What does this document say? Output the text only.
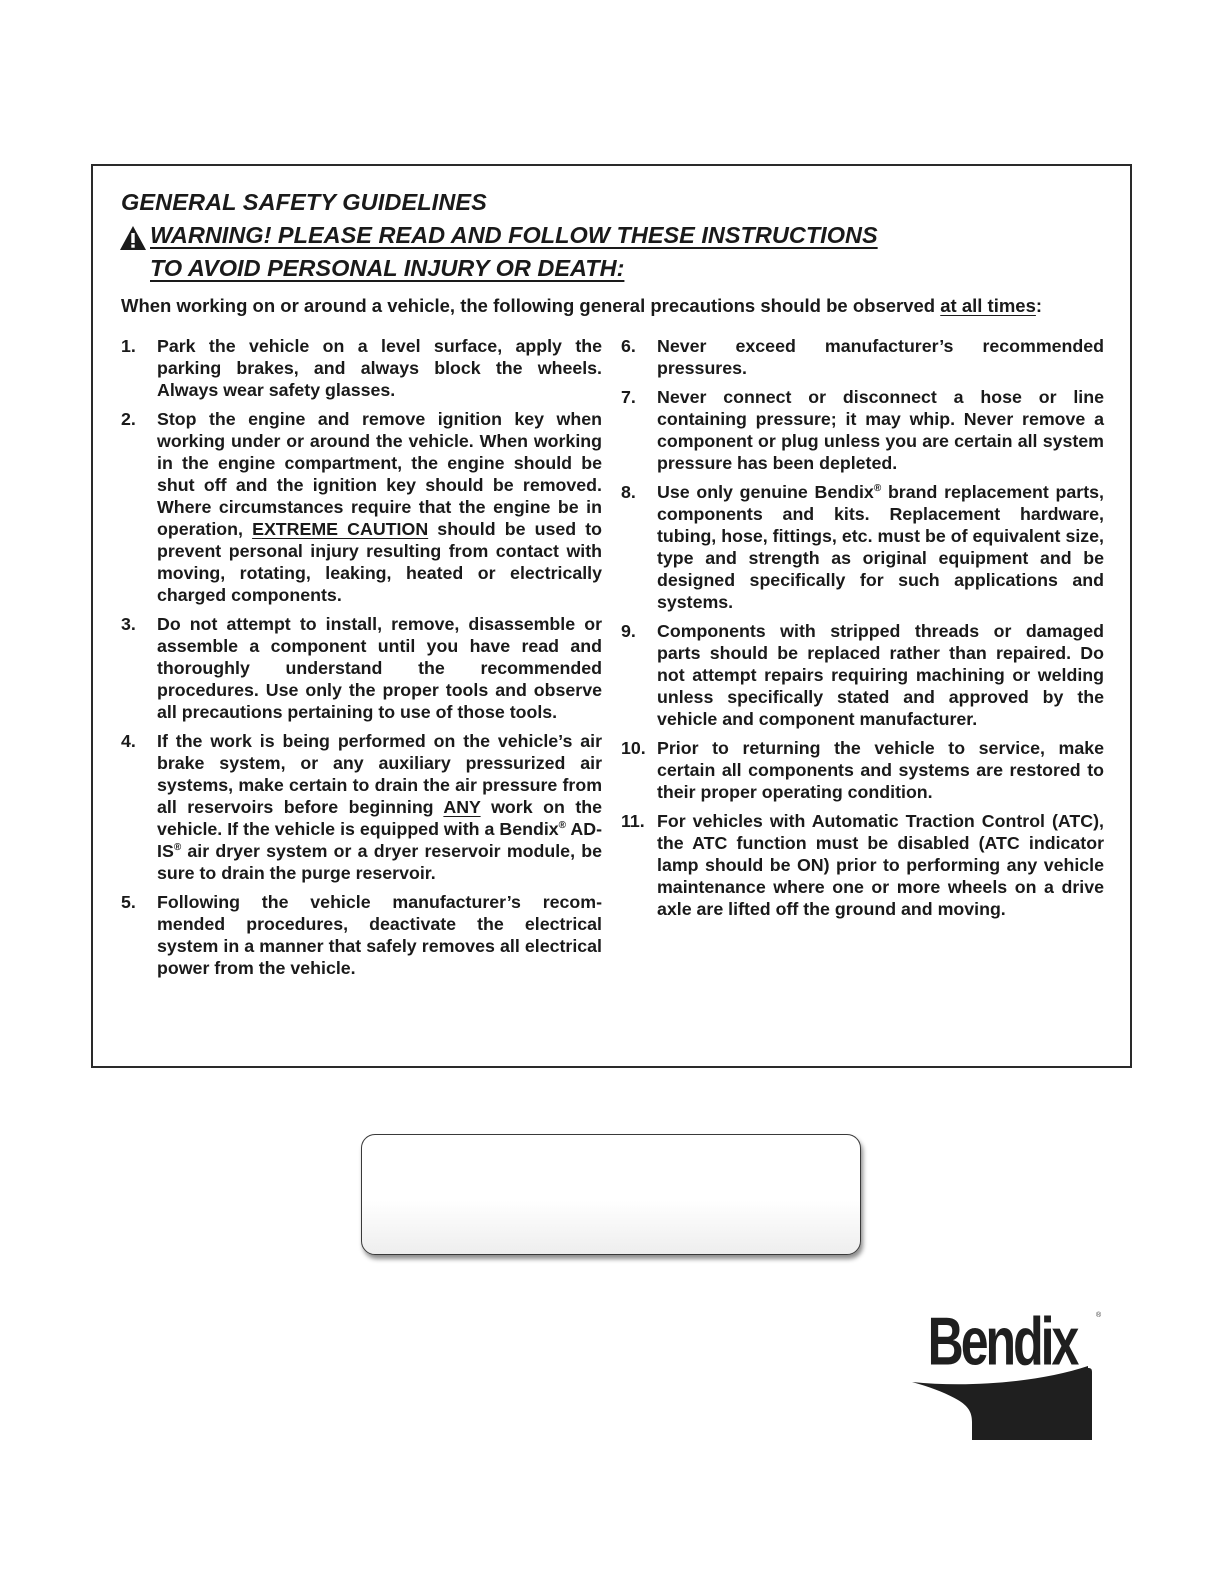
GENERAL SAFETY GUIDELINES
WARNING! PLEASE READ AND FOLLOW THESE INSTRUCTIONS
TO AVOID PERSONAL INJURY OR DEATH:
When working on or around a vehicle, the following general precautions should be observed at all times:
1. Park the vehicle on a level surface, apply the parking brakes, and always block the wheels. Always wear safety glasses.
2. Stop the engine and remove ignition key when working under or around the vehicle. When working in the engine compartment, the engine should be shut off and the ignition key should be removed. Where circumstances require that the engine be in operation, EXTREME CAUTION should be used to prevent personal injury resulting from contact with moving, rotating, leaking, heated or electrically charged components.
3. Do not attempt to install, remove, disassemble or assemble a component until you have read and thoroughly understand the recommended procedures. Use only the proper tools and observe all precautions pertaining to use of those tools.
4. If the work is being performed on the vehicle’s air brake system, or any auxiliary pressurized air systems, make certain to drain the air pressure from all reservoirs before beginning ANY work on the vehicle. If the vehicle is equipped with a Bendix® AD-IS® air dryer system or a dryer reservoir module, be sure to drain the purge reservoir.
5. Following the vehicle manufacturer’s recom-mended procedures, deactivate the electrical system in a manner that safely removes all electrical power from the vehicle.
6. Never exceed manufacturer’s recommended pressures.
7. Never connect or disconnect a hose or line containing pressure; it may whip. Never remove a component or plug unless you are certain all system pressure has been depleted.
8. Use only genuine Bendix® brand replacement parts, components and kits. Replacement hardware, tubing, hose, fittings, etc. must be of equivalent size, type and strength as original equipment and be designed specifically for such applications and systems.
9. Components with stripped threads or damaged parts should be replaced rather than repaired. Do not attempt repairs requiring machining or welding unless specifically stated and approved by the vehicle and component manufacturer.
10. Prior to returning the vehicle to service, make certain all components and systems are restored to their proper operating condition.
11. For vehicles with Automatic Traction Control (ATC), the ATC function must be disabled (ATC indicator lamp should be ON) prior to performing any vehicle maintenance where one or more wheels on a drive axle are lifted off the ground and moving.
Bendix	®
